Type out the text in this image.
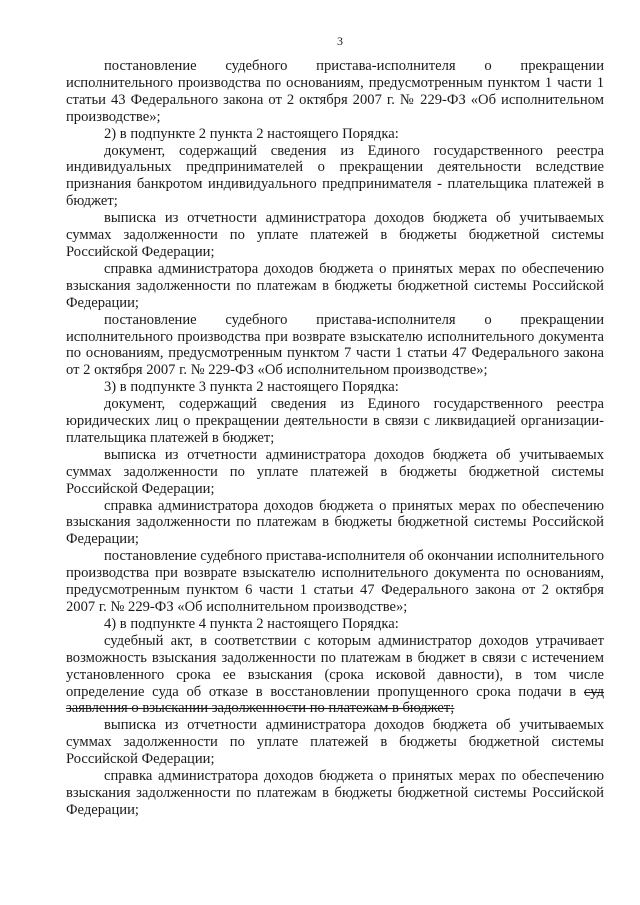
3

постановление судебного пристава-исполнителя о прекращении исполнительного производства по основаниям, предусмотренным пунктом 1 части 1 статьи 43 Федерального закона от 2 октября 2007 г. № 229-ФЗ «Об исполнительном производстве»;

2) в подпункте 2 пункта 2 настоящего Порядка:

документ, содержащий сведения из Единого государственного реестра индивидуальных предпринимателей о прекращении деятельности вследствие признания банкротом индивидуального предпринимателя - плательщика платежей в бюджет;

выписка из отчетности администратора доходов бюджета об учитываемых суммах задолженности по уплате платежей в бюджеты бюджетной системы Российской Федерации;

справка администратора доходов бюджета о принятых мерах по обеспечению взыскания задолженности по платежам в бюджеты бюджетной системы Российской Федерации;

постановление судебного пристава-исполнителя о прекращении исполнительного производства при возврате взыскателю исполнительного документа по основаниям, предусмотренным пунктом 7 части 1 статьи 47 Федерального закона от 2 октября 2007 г. № 229-ФЗ «Об исполнительном производстве»;

3) в подпункте 3 пункта 2 настоящего Порядка:

документ, содержащий сведения из Единого государственного реестра юридических лиц о прекращении деятельности в связи с ликвидацией организации-плательщика платежей в бюджет;

выписка из отчетности администратора доходов бюджета об учитываемых суммах задолженности по уплате платежей в бюджеты бюджетной системы Российской Федерации;

справка администратора доходов бюджета о принятых мерах по обеспечению взыскания задолженности по платежам в бюджеты бюджетной системы Российской Федерации;

постановление судебного пристава-исполнителя об окончании исполнительного производства при возврате взыскателю исполнительного документа по основаниям, предусмотренным пунктом 6 части 1 статьи 47 Федерального закона от 2 октября 2007 г. № 229-ФЗ «Об исполнительном производстве»;

4) в подпункте 4 пункта 2 настоящего Порядка:

судебный акт, в соответствии с которым администратор доходов утрачивает возможность взыскания задолженности по платежам в бюджет в связи с истечением установленного срока ее взыскания (срока исковой давности), в том числе определение суда об отказе в восстановлении пропущенного срока подачи в суд заявления о взыскании задолженности по платежам в бюджет;

выписка из отчетности администратора доходов бюджета об учитываемых суммах задолженности по уплате платежей в бюджеты бюджетной системы Российской Федерации;

справка администратора доходов бюджета о принятых мерах по обеспечению взыскания задолженности по платежам в бюджеты бюджетной системы Российской Федерации;
